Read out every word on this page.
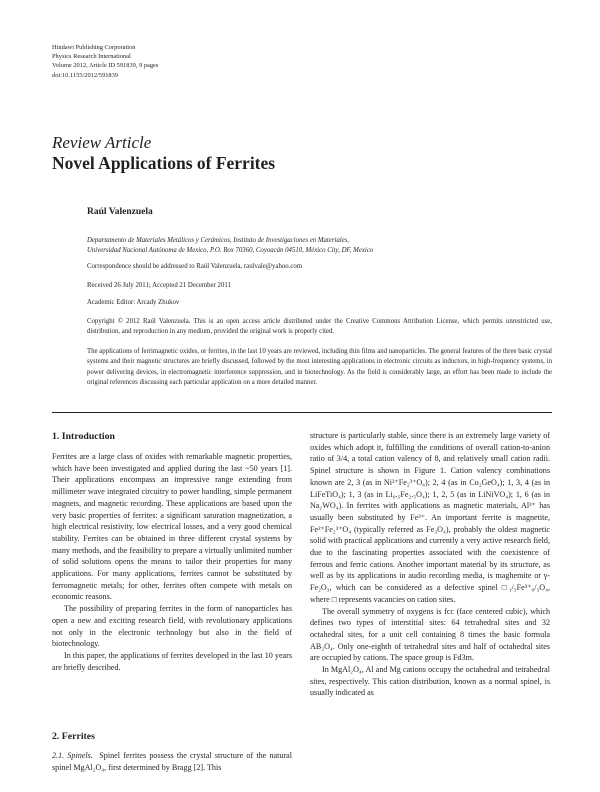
Hindawi Publishing Corporation
Physics Research International
Volume 2012, Article ID 591839, 9 pages
doi:10.1155/2012/591839
Review Article
Novel Applications of Ferrites
Raúl Valenzuela
Departamento de Materiales Metálicos y Cerámicos, Instituto de Investigaciones en Materiales,
Universidad Nacional Autónoma de Mexico, P.O. Box 70360, Coyoacán 04510, México City, DF, Mexico
Correspondence should be addressed to Raúl Valenzuela, raulvale@yahoo.com
Received 26 July 2011; Accepted 21 December 2011
Academic Editor: Arcady Zhukov
Copyright © 2012 Raúl Valenzuela. This is an open access article distributed under the Creative Commons Attribution License, which permits unrestricted use, distribution, and reproduction in any medium, provided the original work is properly cited.
The applications of ferrimagnetic oxides, or ferrites, in the last 10 years are reviewed, including thin films and nanoparticles. The general features of the three basic crystal systems and their magnetic structures are briefly discussed, followed by the most interesting applications in electronic circuits as inductors, in high-frequency systems, in power delivering devices, in electromagnetic interference suppression, and in biotechnology. As the field is considerably large, an effort has been made to include the original references discussing each particular application on a more detailed manner.
1. Introduction

Ferrites are a large class of oxides with remarkable magnetic properties, which have been investigated and applied during the last ~50 years [1]. Their applications encompass an impressive range extending from millimeter wave integrated circuitry to power handling, simple permanent magnets, and magnetic recording. These applications are based upon the very basic properties of ferrites: a significant saturation magnetization, a high electrical resistivity, low electrical losses, and a very good chemical stability. Ferrites can be obtained in three different crystal systems by many methods, and the feasibility to prepare a virtually unlimited number of solid solutions opens the means to tailor their properties for many applications. For many applications, ferrites cannot be substituted by ferromagnetic metals; for other, ferrites often compete with metals on economic reasons.

The possibility of preparing ferrites in the form of nanoparticles has open a new and exciting research field, with revolutionary applications not only in the electronic technology but also in the field of biotechnology.

In this paper, the applications of ferrites developed in the last 10 years are briefly described.

2. Ferrites

2.1. Spinels. Spinel ferrites possess the crystal structure of the natural spinel MgAl₂O₄, first determined by Bragg [2]. This

structure is particularly stable, since there is an extremely large variety of oxides which adopt it, fulfilling the conditions of overall cation-to-anion ratio of 3/4, a total cation valency of 8, and relatively small cation radii. Spinel structure is shown in Figure 1. Cation valency combinations known are 2, 3 (as in Ni²⁺Fe₂³⁺O₄); 2, 4 (as in Co₂GeO₄); 1, 3, 4 (as in LiFeTiO₄); 1, 3 (as in Li₀.₅Fe₂.₅O₄); 1, 2, 5 (as in LiNiVO₄); 1, 6 (as in Na₂WO₄). In ferrites with applications as magnetic materials, Al³⁺ has usually been substituted by Fe³⁺. An important ferrite is magnetite, Fe²⁺Fe₂³⁺O₄ (typically referred as Fe₃O₄), probably the oldest magnetic solid with practical applications and currently a very active research field, due to the fascinating properties associated with the coexistence of ferrous and ferric cations. Another important material by its structure, as well as by its applications in audio recording media, is maghemite or γ-Fe₂O₃, which can be considered as a defective spinel □₁/₃Fe³⁺₈/₃O₄, where □ represents vacancies on cation sites.

The overall symmetry of oxygens is fcc (face centered cubic), which defines two types of interstitial sites: 64 tetrahedral sites and 32 octahedral sites, for a unit cell containing 8 times the basic formula AB₂O₄. Only one-eighth of tetrahedral sites and half of octahedral sites are occupied by cations. The space group is Fd3m.

In MgAl₂O₄, Al and Mg cations occupy the octahedral and tetrahedral sites, respectively. This cation distribution, known as a normal spinel, is usually indicated as
